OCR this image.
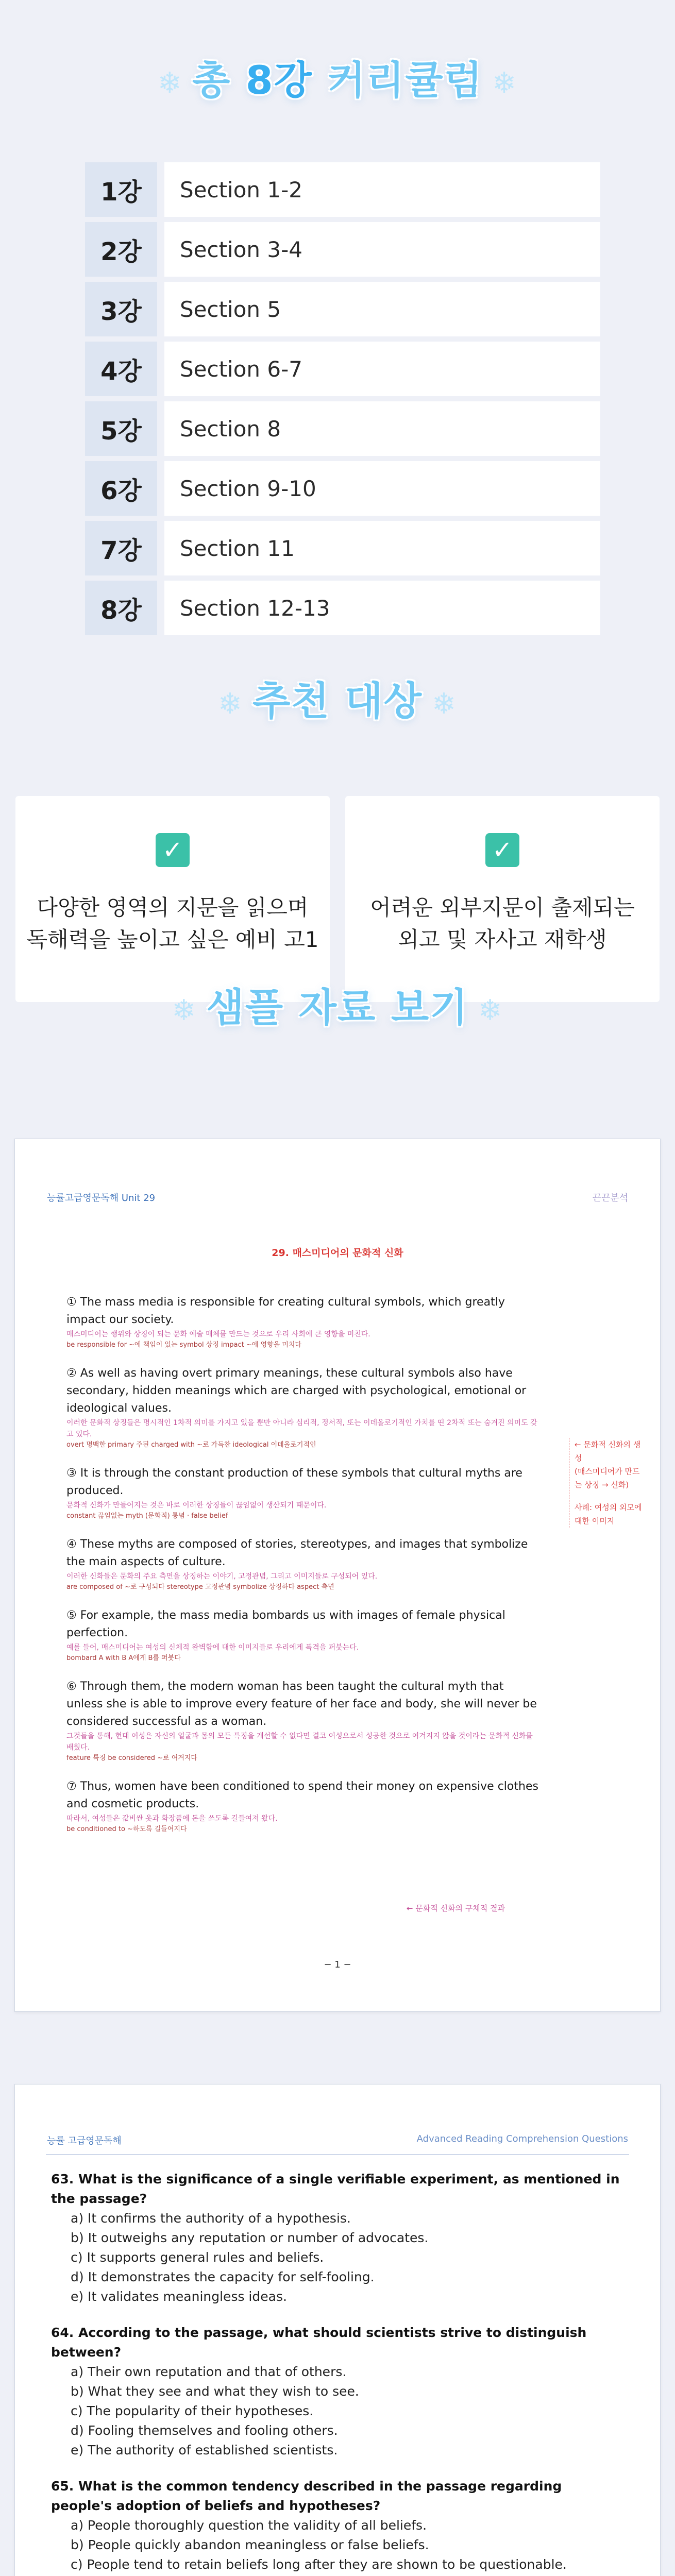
❄ 총 8강 커리큘럼 ❄
1강	Section 1-2
2강	Section 3-4
3강	Section 5
4강	Section 6-7
5강	Section 8
6강	Section 9-10
7강	Section 11
8강	Section 12-13
❄ 추천 대상 ❄
✓
다양한 영역의 지문을 읽으며
독해력을 높이고 싶은 예비 고1
✓
어려운 외부지문이 출제되는
외고 및 자사고 재학생
❄ 샘플 자료 보기 ❄
능률고급영문독해 Unit 29	끈끈분석
29. 매스미디어의 문화적 신화
① The mass media is responsible for creating cultural symbols, which greatly impact our society.
매스미디어는 행위와 상징이 되는 문화 예술 매체를 만드는 것으로 우리 사회에 큰 영향을 미친다.
be responsible for ~에 책임이 있는 symbol 상징 impact ~에 영향을 미치다
② As well as having overt primary meanings, these cultural symbols also have secondary, hidden meanings which are charged with psychological, emotional or ideological values.
이러한 문화적 상징들은 명시적인 1차적 의미를 가지고 있을 뿐만 아니라 심리적, 정서적, 또는 이데올로기적인 가치를 띤 2차적 또는 숨겨진 의미도 갖고 있다.
overt 명백한 primary 주된 charged with ~로 가득찬 ideological 이데올로기적인
③ It is through the constant production of these symbols that cultural myths are produced.
문화적 신화가 만들어지는 것은 바로 이러한 상징들이 끊임없이 생산되기 때문이다.
constant 끊임없는 myth (문화적) 통념 · false belief
④ These myths are composed of stories, stereotypes, and images that symbolize the main aspects of culture.
이러한 신화들은 문화의 주요 측면을 상징하는 이야기, 고정관념, 그리고 이미지들로 구성되어 있다.
are composed of ~로 구성되다 stereotype 고정관념 symbolize 상징하다 aspect 측면
⑤ For example, the mass media bombards us with images of female physical perfection.
예를 들어, 매스미디어는 여성의 신체적 완벽함에 대한 이미지들로 우리에게 폭격을 퍼붓는다.
bombard A with B A에게 B를 퍼붓다
⑥ Through them, the modern woman has been taught the cultural myth that unless she is able to improve every feature of her face and body, she will never be considered successful as a woman.
그것들을 통해, 현대 여성은 자신의 얼굴과 몸의 모든 특징을 개선할 수 없다면 결코 여성으로서 성공한 것으로 여겨지지 않을 것이라는 문화적 신화를 배웠다.
feature 특징 be considered ~로 여겨지다
⑦ Thus, women have been conditioned to spend their money on expensive clothes and cosmetic products.
따라서, 여성들은 값비싼 옷과 화장품에 돈을 쓰도록 길들여져 왔다.
be conditioned to ~하도록 길들여지다
← 문화적 신화의 생성
(매스미디어가 만드는 상징 → 신화)
사례: 여성의 외모에 대한 이미지
← 문화적 신화의 구체적 결과
− 1 −
능률 고급영문독해	Advanced Reading Comprehension Questions
63. What is the significance of a single verifiable experiment, as mentioned in the passage?
a) It confirms the authority of a hypothesis.
b) It outweighs any reputation or number of advocates.
c) It supports general rules and beliefs.
d) It demonstrates the capacity for self-fooling.
e) It validates meaningless ideas.
64. According to the passage, what should scientists strive to distinguish between?
a) Their own reputation and that of others.
b) What they see and what they wish to see.
c) The popularity of their hypotheses.
d) Fooling themselves and fooling others.
e) The authority of established scientists.
65. What is the common tendency described in the passage regarding people's adoption of beliefs and hypotheses?
a) People thoroughly question the validity of all beliefs.
b) People quickly abandon meaningless or false beliefs.
c) People tend to retain beliefs long after they are shown to be questionable.
